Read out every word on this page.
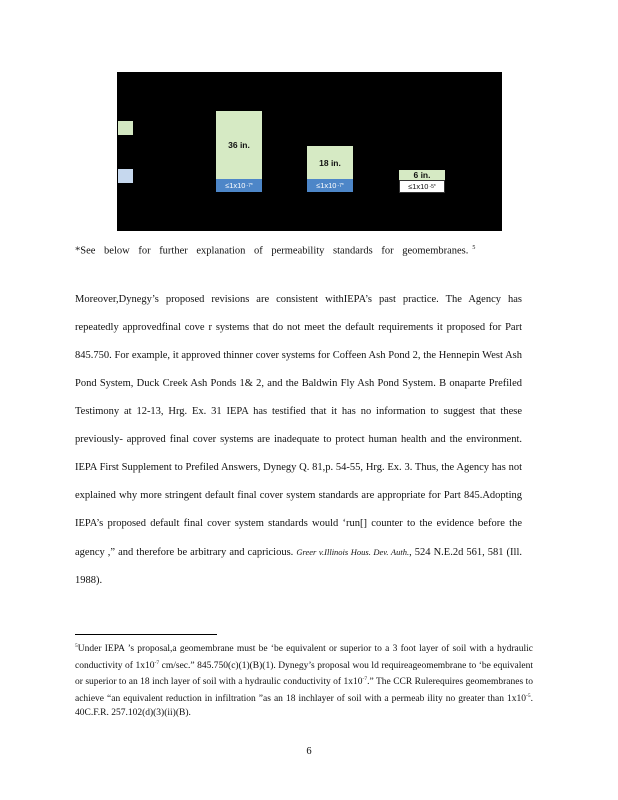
36 in.
≤1x10 -7*
18 in.
≤1x10 -7*
6 in.
≤1x10 -5*
*See below for further explanation of permeability standards for geomembranes. $^5$

Moreover,Dynegy’s proposed revisions are consistent withIEPA’s past practice. The Agency has repeatedly approvedfinal cove r systems that do not meet the default requirements it proposed for Part 845.750. For example, it approved thinner cover systems for Coffeen Ash Pond 2, the Hennepin West Ash Pond System, Duck Creek Ash Ponds 1& 2, and the Baldwin Fly Ash Pond System. B onaparte Prefiled Testimony at 12-13, Hrg. Ex. 31 IEPA has testified that it has no information to suggest that these previously- approved final cover systems are inadequate to protect human health and the environment. IEPA First Supplement to Prefiled Answers, Dynegy Q. 81,p. 54-55, Hrg. Ex. 3. Thus, the Agency has not explained why more stringent default final cover system standards are appropriate for Part 845.Adopting IEPA’s proposed default final cover system standards would ‘run[] counter to the evidence before the agency ,” and therefore be arbitrary and capricious. Greer v.Illinois Hous. Dev. Auth., 524 N.E.2d 561, 581 (Ill. 1988).

$^5$Under IEPA ’s proposal,a geomembrane must be ‘be equivalent or superior to a 3 foot layer of soil with a hydraulic conductivity of $1x10^{-7}$ cm/sec.” 845.750(c)(1)(B)(1). Dynegy’s proposal wou ld requireageomembrane to ‘be equivalent or superior to an 18 inch layer of soil with a hydraulic conductivity of $1x10^{-7}$.” The CCR Rulerequires geomembranes to achieve “an equivalent reduction in infiltration ”as an 18 inchlayer of soil with a permeab ility no greater than $1x10^{-5}$. 40C.F.R. 257.102(d)(3)(ii)(B).

6
